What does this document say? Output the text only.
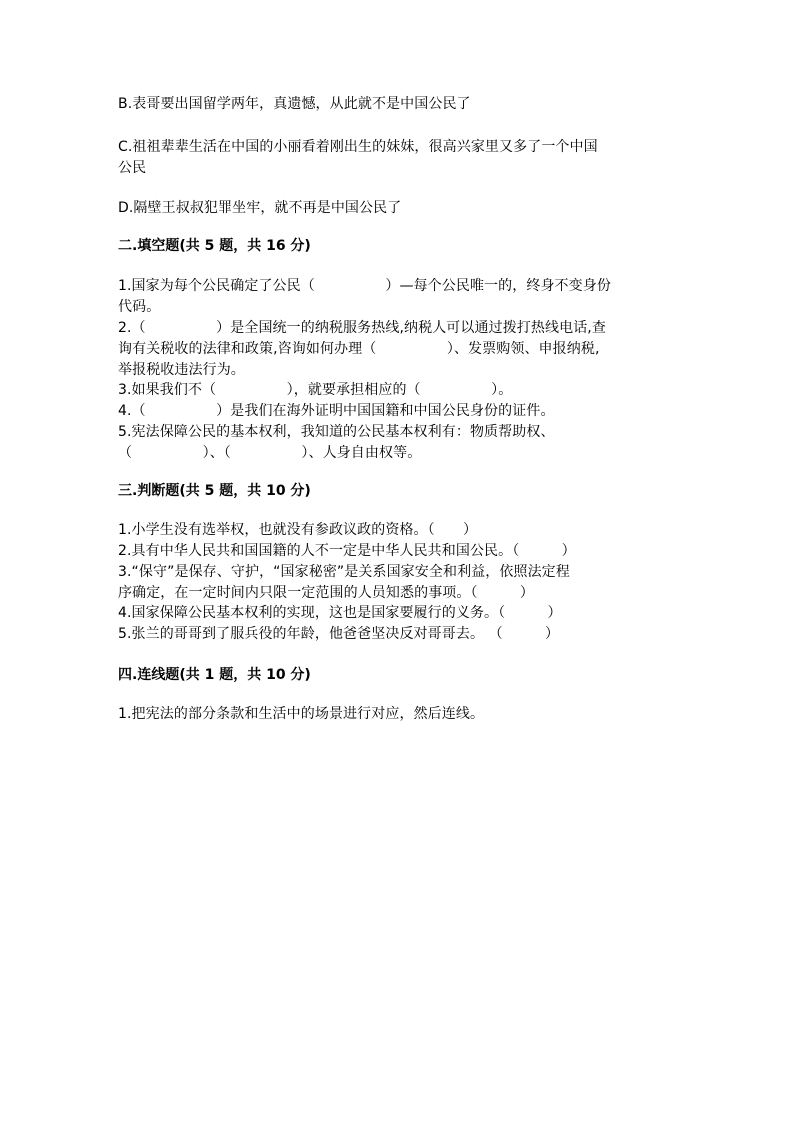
B.表哥要出国留学两年，真遗憾，从此就不是中国公民了
C.祖祖辈辈生活在中国的小丽看着刚出生的妹妹，很高兴家里又多了一个中国
公民
D.隔壁王叔叔犯罪坐牢，就不再是中国公民了
二.填空题(共 5 题，共 16 分)
1.国家为每个公民确定了公民（　　　　　）—每个公民唯一的，终身不变身份
代码。
2.（　　　　　）是全国统一的纳税服务热线,纳税人可以通过拨打热线电话,查
询有关税收的法律和政策,咨询如何办理（　　　　　）、发票购领、申报纳税,
举报税收违法行为。
3.如果我们不（　　　　　），就要承担相应的（　　　　　）。
4.（　　　　　）是我们在海外证明中国国籍和中国公民身份的证件。
5.宪法保障公民的基本权利，我知道的公民基本权利有：物质帮助权、
（　　　　　）、（　　　　　）、人身自由权等。
三.判断题(共 5 题，共 10 分)
1.小学生没有选举权，也就没有参政议政的资格。（　　）
2.具有中华人民共和国国籍的人不一定是中华人民共和国公民。（　　　）
3.“保守”是保存、守护，“国家秘密”是关系国家安全和利益，依照法定程
序确定，在一定时间内只限一定范围的人员知悉的事项。（　　　）
4.国家保障公民基本权利的实现，这也是国家要履行的义务。（　　　）
5.张兰的哥哥到了服兵役的年龄，他爸爸坚决反对哥哥去。 （　　　）
四.连线题(共 1 题，共 10 分)
1.把宪法的部分条款和生活中的场景进行对应，然后连线。
